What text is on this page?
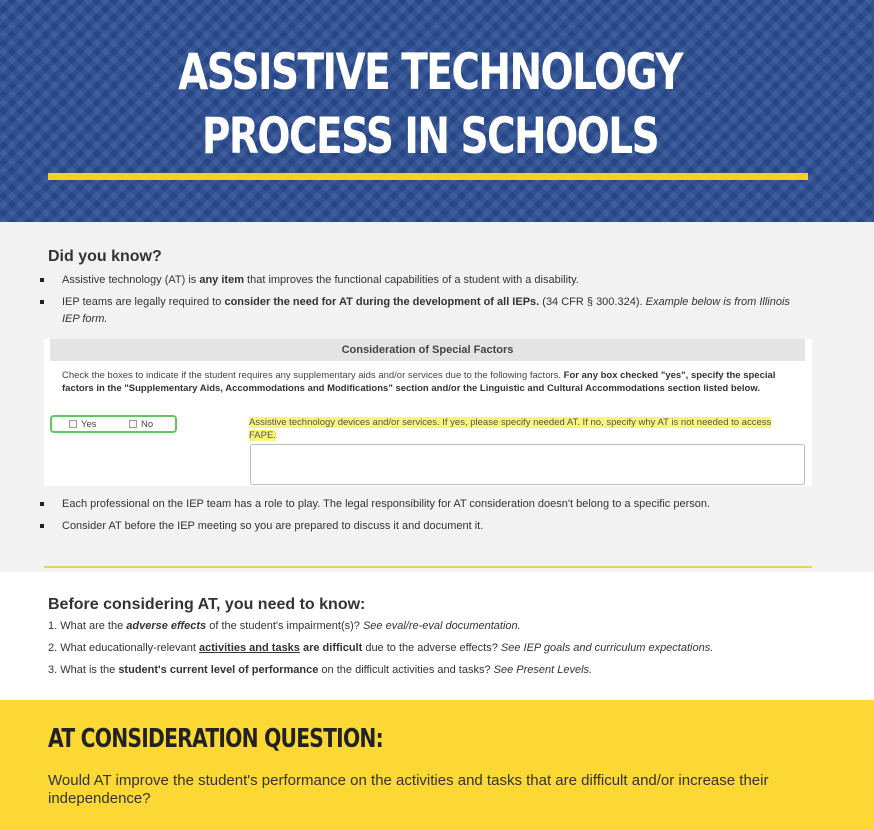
ASSISTIVE TECHNOLOGY PROCESS IN SCHOOLS
Did you know?
Assistive technology (AT) is any item that improves the functional capabilities of a student with a disability.
IEP teams are legally required to consider the need for AT during the development of all IEPs. (34 CFR § 300.324). Example below is from Illinois IEP form.
Consideration of Special Factors

Check the boxes to indicate if the student requires any supplementary aids and/or services due to the following factors. For any box checked "yes", specify the special factors in the "Supplementary Aids, Accommodations and Modifications" section and/or the Linguistic and Cultural Accommodations section listed below.

Yes	No	Assistive technology devices and/or services. If yes, please specify needed AT. If no, specify why AT is not needed to access FAPE.

Each professional on the IEP team has a role to play. The legal responsibility for AT consideration doesn't belong to a specific person.
Consider AT before the IEP meeting so you are prepared to discuss it and document it.
Before considering AT, you need to know:
1. What are the adverse effects of the student's impairment(s)? See eval/re-eval documentation.
2. What educationally-relevant activities and tasks are difficult due to the adverse effects? See IEP goals and curriculum expectations.
3. What is the student's current level of performance on the difficult activities and tasks? See Present Levels.
AT CONSIDERATION QUESTION:

Would AT improve the student's performance on the activities and tasks that are difficult and/or increase their independence?
